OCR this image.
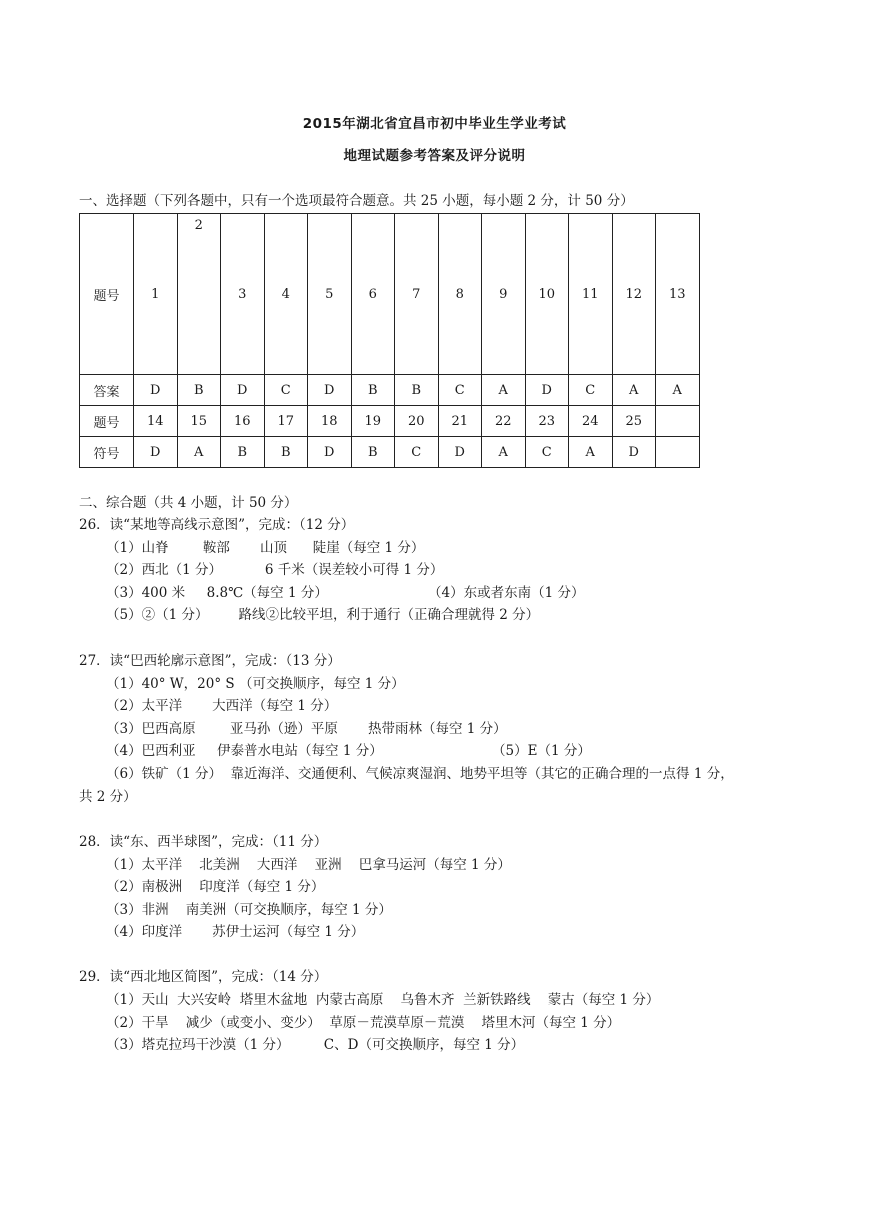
2015年湖北省宜昌市初中毕业生学业考试
地理试题参考答案及评分说明
一、选择题（下列各题中，只有一个选项最符合题意。共 25 小题，每小题 2 分，计 50 分）
题号	1	2	3	4	5	6	7	8	9	10	11	12	13
答案	D	B	D	C	D	B	B	C	A	D	C	A	A
题号	14	15	16	17	18	19	20	21	22	23	24	25	
符号	D	A	B	B	D	B	C	D	A	C	A	D	
二、综合题（共 4 小题，计 50 分）
26．读“某地等高线示意图”，完成：（12 分）
（1）山脊        鞍部       山顶      陡崖（每空 1 分）
（2）西北（1 分）          6 千米（误差较小可得 1 分）
（3）400 米     8.8℃（每空 1 分）	（4）东或者东南（1 分）
（5）②（1 分）       路线②比较平坦，利于通行（正确合理就得 2 分）
27．读“巴西轮廓示意图”，完成：（13 分）
（1）40° W，20° S （可交换顺序，每空 1 分）
（2）太平洋       大西洋（每空 1 分）
（3）巴西高原        亚马孙（逊）平原       热带雨林（每空 1 分）
（4）巴西利亚     伊泰普水电站（每空 1 分）	（5）E（1 分）
（6）铁矿（1 分）  靠近海洋、交通便利、气候凉爽湿润、地势平坦等（其它的正确合理的一点得 1 分，
共 2 分）
28．读“东、西半球图”，完成：（11 分）
（1）太平洋    北美洲    大西洋    亚洲    巴拿马运河（每空 1 分）
（2）南极洲    印度洋（每空 1 分）
（3）非洲    南美洲（可交换顺序，每空 1 分）
（4）印度洋       苏伊士运河（每空 1 分）
29．读“西北地区简图”，完成：（14 分）
（1）天山  大兴安岭  塔里木盆地  内蒙古高原    乌鲁木齐  兰新铁路线    蒙古（每空 1 分）
（2）干旱    减少（或变小、变少）  草原－荒漠草原－荒漠    塔里木河（每空 1 分）
（3）塔克拉玛干沙漠（1 分）        C、D（可交换顺序，每空 1 分）
